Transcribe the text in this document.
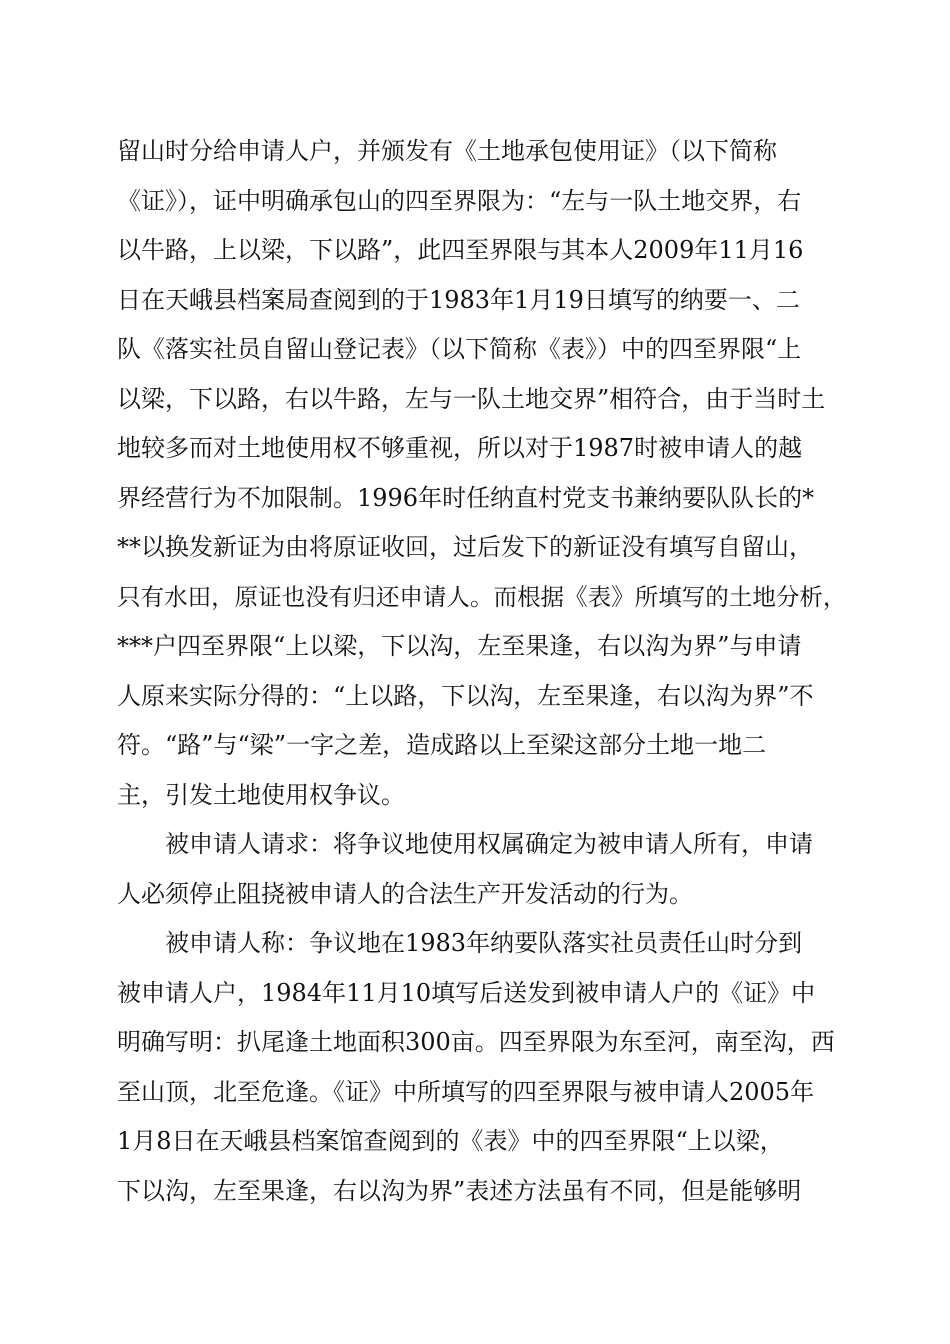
留山时分给申请人户，并颁发有《土地承包使用证》（以下简称
《证》），证中明确承包山的四至界限为：“左与一队土地交界，右
以牛路，上以梁，下以路”，此四至界限与其本人2009年11月16
日在天峨县档案局查阅到的于1983年1月19日填写的纳要一、二
队《落实社员自留山登记表》（以下简称《表》）中的四至界限“上
以梁，下以路，右以牛路，左与一队土地交界”相符合，由于当时土
地较多而对土地使用权不够重视，所以对于1987时被申请人的越
界经营行为不加限制。1996年时任纳直村党支书兼纳要队队长的*
**以换发新证为由将原证收回，过后发下的新证没有填写自留山，
只有水田，原证也没有归还申请人。而根据《表》所填写的土地分析，
***户四至界限“上以梁，下以沟，左至果逢，右以沟为界”与申请
人原来实际分得的：“上以路，下以沟，左至果逢，右以沟为界”不
符。“路”与“梁”一字之差，造成路以上至梁这部分土地一地二
主，引发土地使用权争议。
被申请人请求：将争议地使用权属确定为被申请人所有，申请
人必须停止阻挠被申请人的合法生产开发活动的行为。
被申请人称：争议地在1983年纳要队落实社员责任山时分到
被申请人户，1984年11月10填写后送发到被申请人户的《证》中
明确写明：扒尾逢土地面积300亩。四至界限为东至河，南至沟，西
至山顶，北至危逢。《证》中所填写的四至界限与被申请人2005年
1月8日在天峨县档案馆查阅到的《表》中的四至界限“上以梁，
下以沟，左至果逢，右以沟为界”表述方法虽有不同，但是能够明
